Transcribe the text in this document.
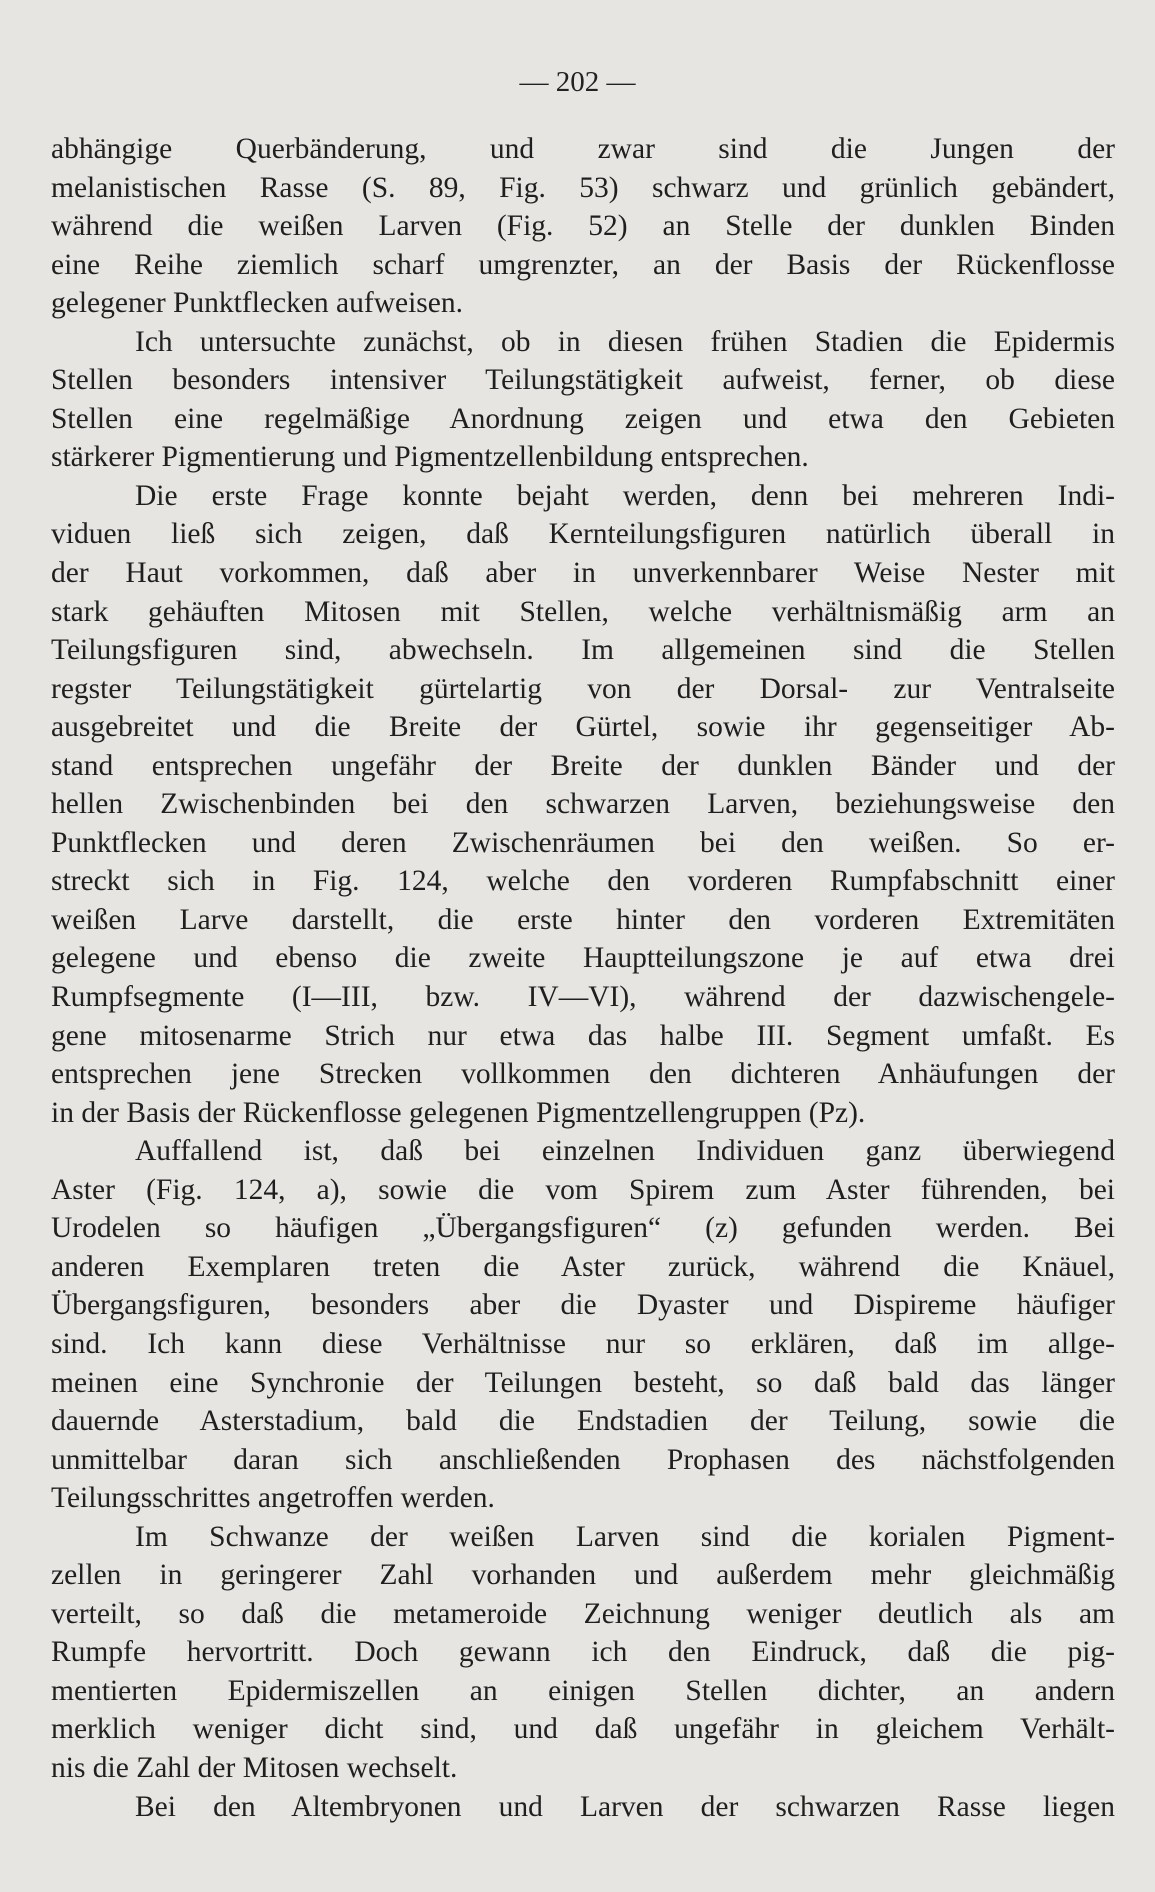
— 202 —
abhängige Querbänderung, und zwar sind die Jungen der
melanistischen Rasse (S. 89, Fig. 53) schwarz und grünlich gebändert,
während die weißen Larven (Fig. 52) an Stelle der dunklen Binden
eine Reihe ziemlich scharf umgrenzter, an der Basis der Rückenflosse
gelegener Punktflecken aufweisen.
Ich untersuchte zunächst, ob in diesen frühen Stadien die Epidermis
Stellen besonders intensiver Teilungstätigkeit aufweist, ferner, ob diese
Stellen eine regelmäßige Anordnung zeigen und etwa den Gebieten
stärkerer Pigmentierung und Pigmentzellenbildung entsprechen.
Die erste Frage konnte bejaht werden, denn bei mehreren Indi-
viduen ließ sich zeigen, daß Kernteilungsfiguren natürlich überall in
der Haut vorkommen, daß aber in unverkennbarer Weise Nester mit
stark gehäuften Mitosen mit Stellen, welche verhältnismäßig arm an
Teilungsfiguren sind, abwechseln. Im allgemeinen sind die Stellen
regster Teilungstätigkeit gürtelartig von der Dorsal- zur Ventralseite
ausgebreitet und die Breite der Gürtel, sowie ihr gegenseitiger Ab-
stand entsprechen ungefähr der Breite der dunklen Bänder und der
hellen Zwischenbinden bei den schwarzen Larven, beziehungsweise den
Punktflecken und deren Zwischenräumen bei den weißen. So er-
streckt sich in Fig. 124, welche den vorderen Rumpfabschnitt einer
weißen Larve darstellt, die erste hinter den vorderen Extremitäten
gelegene und ebenso die zweite Hauptteilungszone je auf etwa drei
Rumpfsegmente (I—III, bzw. IV—VI), während der dazwischengele-
gene mitosenarme Strich nur etwa das halbe III. Segment umfaßt. Es
entsprechen jene Strecken vollkommen den dichteren Anhäufungen der
in der Basis der Rückenflosse gelegenen Pigmentzellengruppen (Pz).
Auffallend ist, daß bei einzelnen Individuen ganz überwiegend
Aster (Fig. 124, a), sowie die vom Spirem zum Aster führenden, bei
Urodelen so häufigen „Übergangsfiguren“ (z) gefunden werden. Bei
anderen Exemplaren treten die Aster zurück, während die Knäuel,
Übergangsfiguren, besonders aber die Dyaster und Dispireme häufiger
sind. Ich kann diese Verhältnisse nur so erklären, daß im allge-
meinen eine Synchronie der Teilungen besteht, so daß bald das länger
dauernde Asterstadium, bald die Endstadien der Teilung, sowie die
unmittelbar daran sich anschließenden Prophasen des nächstfolgenden
Teilungsschrittes angetroffen werden.
Im Schwanze der weißen Larven sind die korialen Pigment-
zellen in geringerer Zahl vorhanden und außerdem mehr gleichmäßig
verteilt, so daß die metameroide Zeichnung weniger deutlich als am
Rumpfe hervortritt. Doch gewann ich den Eindruck, daß die pig-
mentierten Epidermiszellen an einigen Stellen dichter, an andern
merklich weniger dicht sind, und daß ungefähr in gleichem Verhält-
nis die Zahl der Mitosen wechselt.
Bei den Altembryonen und Larven der schwarzen Rasse liegen
